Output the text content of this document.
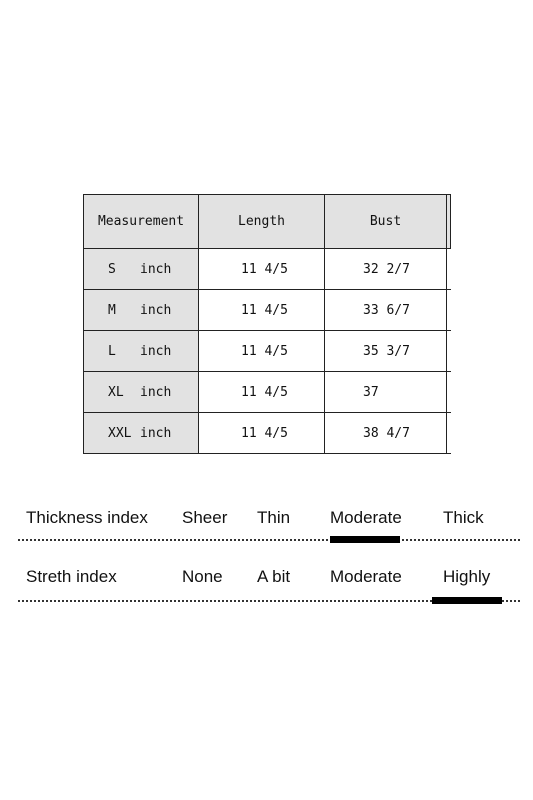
Measurement	Length	Bust	
S inch	11 4/5	32 2/7	
M inch	11 4/5	33 6/7	
L inch	11 4/5	35 3/7	
XL inch	11 4/5	37	
XXL inch	11 4/5	38 4/7	
Thickness index Sheer Thin Moderate Thick
Streth index	None A bit Moderate Highly
